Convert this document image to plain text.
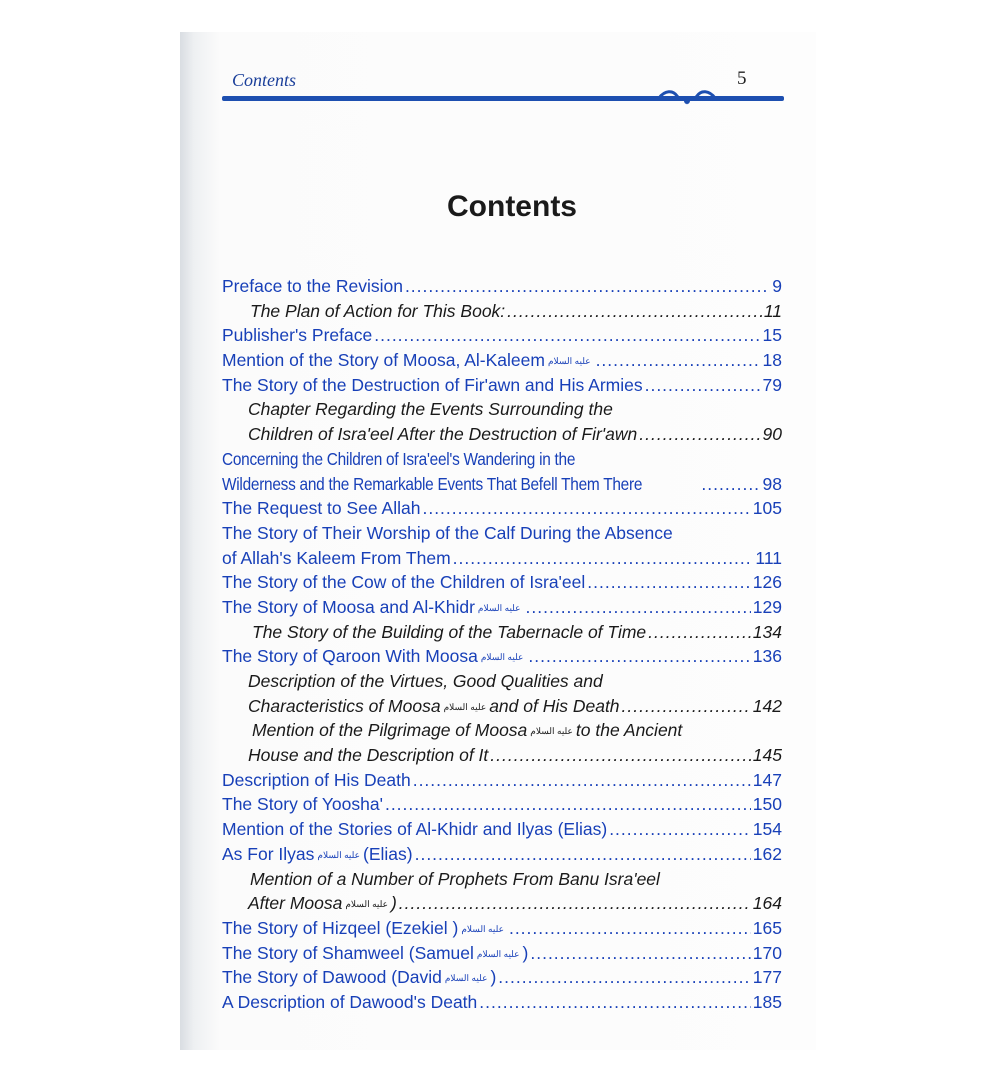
Contents	5
Contents
Preface to the Revision .....	9
The Plan of Action for This Book: .....	11
Publisher's Preface .....	15
Mention of the Story of Moosa, Al-Kaleem عليه السلام .....	18
The Story of the Destruction of Fir'awn and His Armies .....	79
Chapter Regarding the Events Surrounding the
Children of Isra'eel After the Destruction of Fir'awn .....	90
Concerning the Children of Isra'eel's Wandering in the
Wilderness and the Remarkable Events That Befell Them There .....	98
The Request to See Allah .....	105
The Story of Their Worship of the Calf During the Absence
of Allah's Kaleem From Them .....	111
The Story of the Cow of the Children of Isra'eel .....	126
The Story of Moosa and Al-Khidr عليه السلام .....	129
The Story of the Building of the Tabernacle of Time .....	134
The Story of Qaroon With Moosa عليه السلام .....	136
Description of the Virtues, Good Qualities and
Characteristics of Moosa عليه السلام and of His Death .....	142
Mention of the Pilgrimage of Moosa عليه السلام to the Ancient
House and the Description of It .....	145
Description of His Death .....	147
The Story of Yoosha' .....	150
Mention of the Stories of Al-Khidr and Ilyas (Elias) .....	154
As For Ilyas عليه السلام (Elias) .....	162
Mention of a Number of Prophets From Banu Isra'eel
After Moosa عليه السلام ) .....	164
The Story of Hizqeel (Ezekiel ) عليه السلام .....	165
The Story of Shamweel (Samuel عليه السلام ) .....	170
The Story of Dawood (David عليه السلام ) .....	177
A Description of Dawood's Death .....	185
